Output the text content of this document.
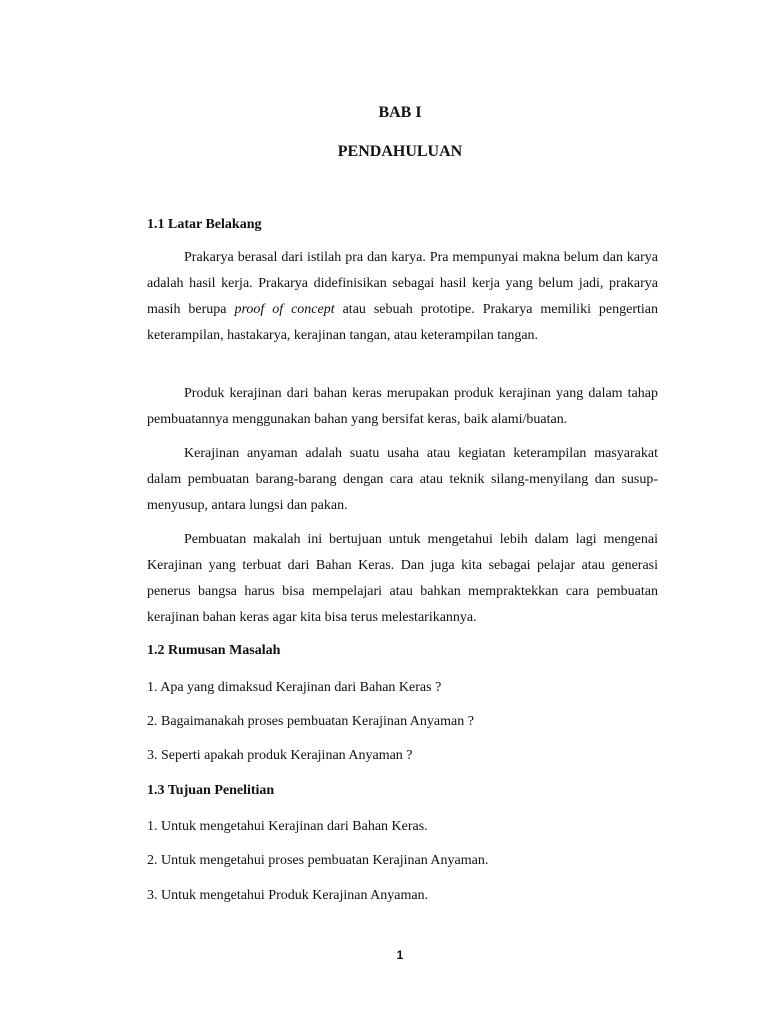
BAB I
PENDAHULUAN
1.1 Latar Belakang

Prakarya berasal dari istilah pra dan karya. Pra mempunyai makna belum dan karya adalah hasil kerja. Prakarya didefinisikan sebagai hasil kerja yang belum jadi, prakarya masih berupa proof of concept atau sebuah prototipe. Prakarya memiliki pengertian keterampilan, hastakarya, kerajinan tangan, atau keterampilan tangan.

Produk kerajinan dari bahan keras merupakan produk kerajinan yang dalam tahap pembuatannya menggunakan bahan yang bersifat keras, baik alami/buatan.

Kerajinan anyaman adalah suatu usaha atau kegiatan keterampilan masyarakat dalam pembuatan barang-barang dengan cara atau teknik silang-menyilang dan susup-menyusup, antara lungsi dan pakan.

Pembuatan makalah ini bertujuan untuk mengetahui lebih dalam lagi mengenai Kerajinan yang terbuat dari Bahan Keras. Dan juga kita sebagai pelajar atau generasi penerus bangsa harus bisa mempelajari atau bahkan mempraktekkan cara pembuatan kerajinan bahan keras agar kita bisa terus melestarikannya.

1.2 Rumusan Masalah
1. Apa yang dimaksud Kerajinan dari Bahan Keras ?
2. Bagaimanakah proses pembuatan Kerajinan Anyaman ?
3. Seperti apakah produk Kerajinan Anyaman ?
1.3 Tujuan Penelitian
1. Untuk mengetahui Kerajinan dari Bahan Keras.
2. Untuk mengetahui proses pembuatan Kerajinan Anyaman.
3. Untuk mengetahui Produk Kerajinan Anyaman.
1
